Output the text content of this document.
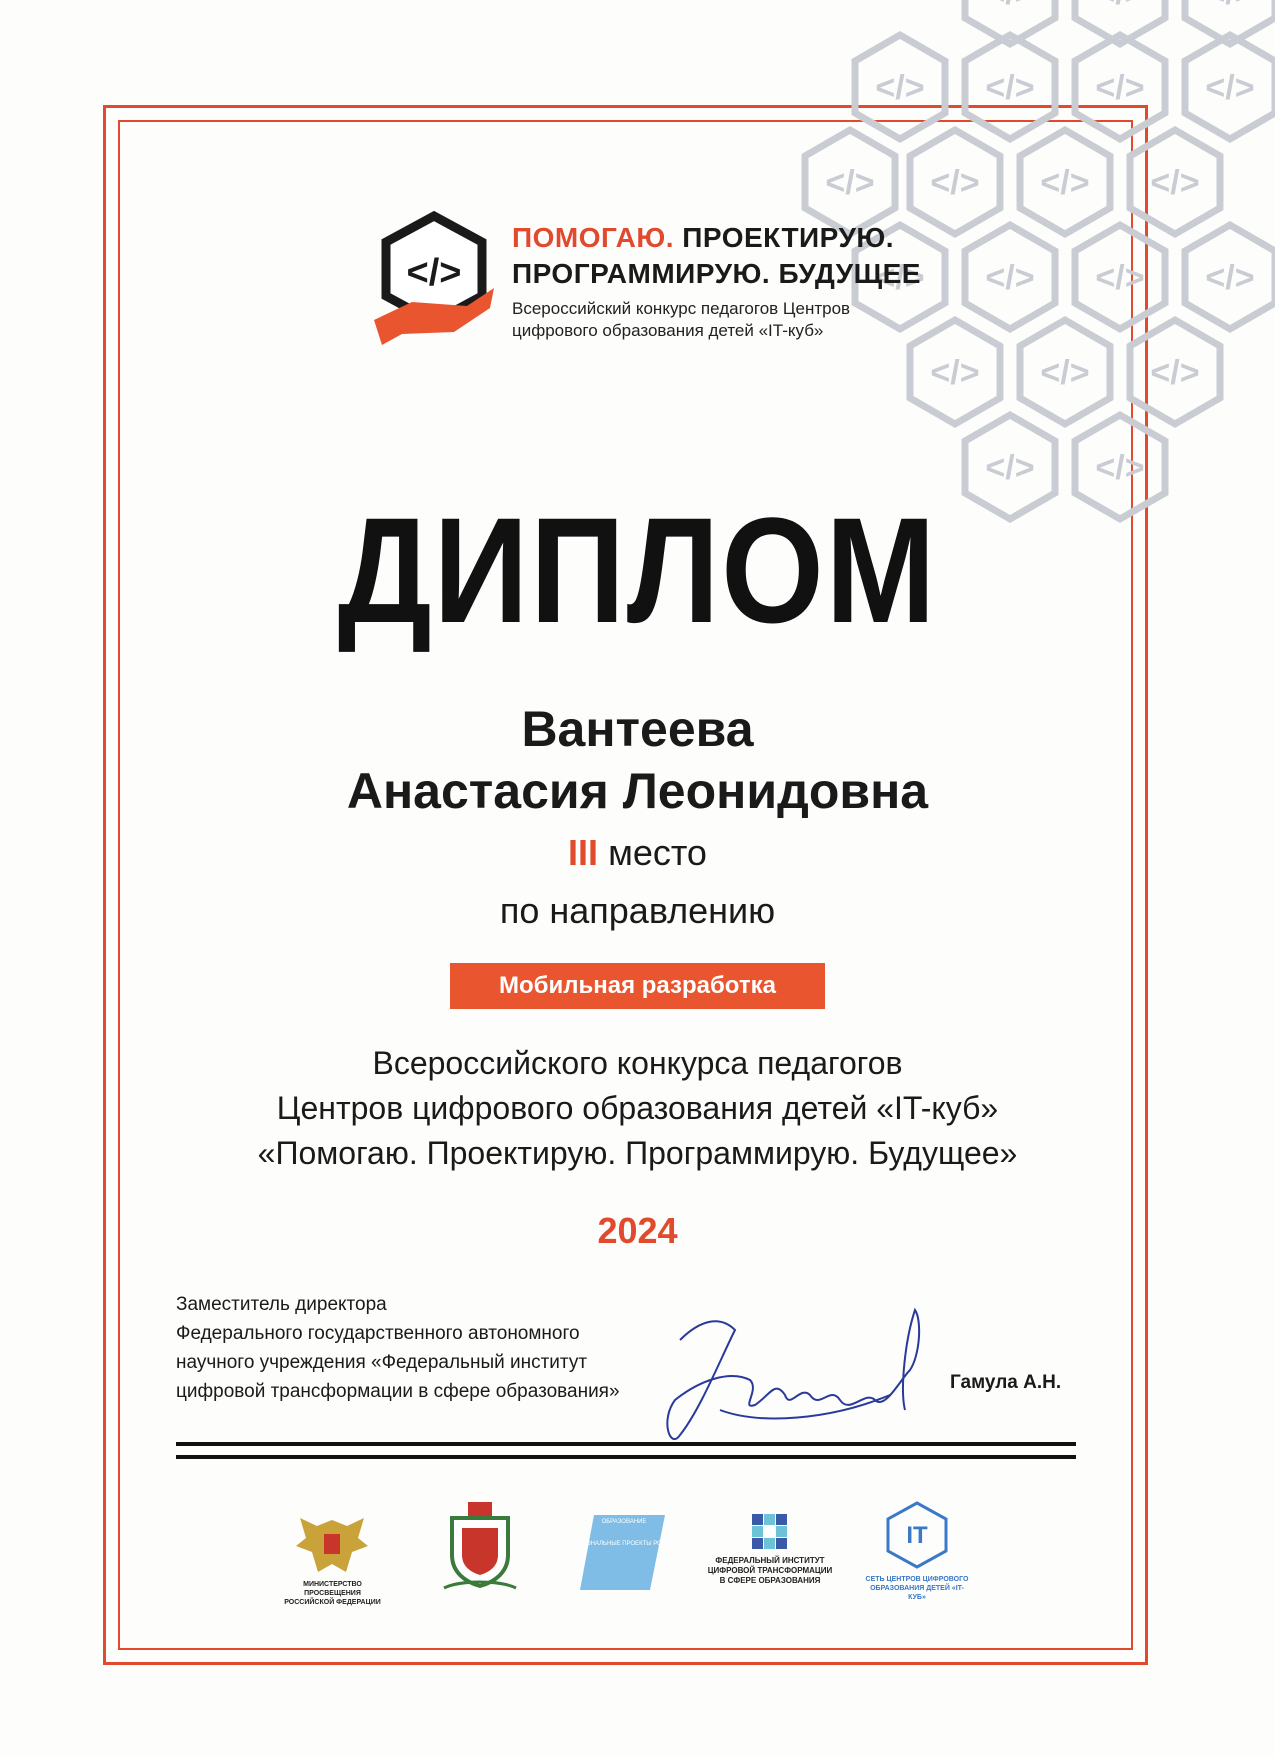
</>
</>
ПОМОГАЮ. ПРОЕКТИРУЮ.
ПРОГРАММИРУЮ. БУДУЩЕЕ
Всероссийский конкурс педагогов Центров
цифрового образования детей «IT-куб»
ДИПЛОМ
Вантеева
Анастасия Леонидовна
III место
по направлению
Мобильная разработка
Всероссийского конкурса педагогов
Центров цифрового образования детей «IT-куб»
«Помогаю. Проектирую. Программирую. Будущее»
2024
Заместитель директора
Федерального государственного автономного
научного учреждения «Федеральный институт
цифровой трансформации в сфере образования»	Гамула А.Н.
МИНИСТЕРСТВО ПРОСВЕЩЕНИЯ
РОССИЙСКОЙ ФЕДЕРАЦИИ
ОБРАЗОВАНИЕ
НАЦИОНАЛЬНЫЕ ПРОЕКТЫ РОССИИ
ФЕДЕРАЛЬНЫЙ ИНСТИТУТ
ЦИФРОВОЙ ТРАНСФОРМАЦИИ
В СФЕРЕ ОБРАЗОВАНИЯ
IT
СЕТЬ ЦЕНТРОВ ЦИФРОВОГО
ОБРАЗОВАНИЯ ДЕТЕЙ «IT-КУБ»
